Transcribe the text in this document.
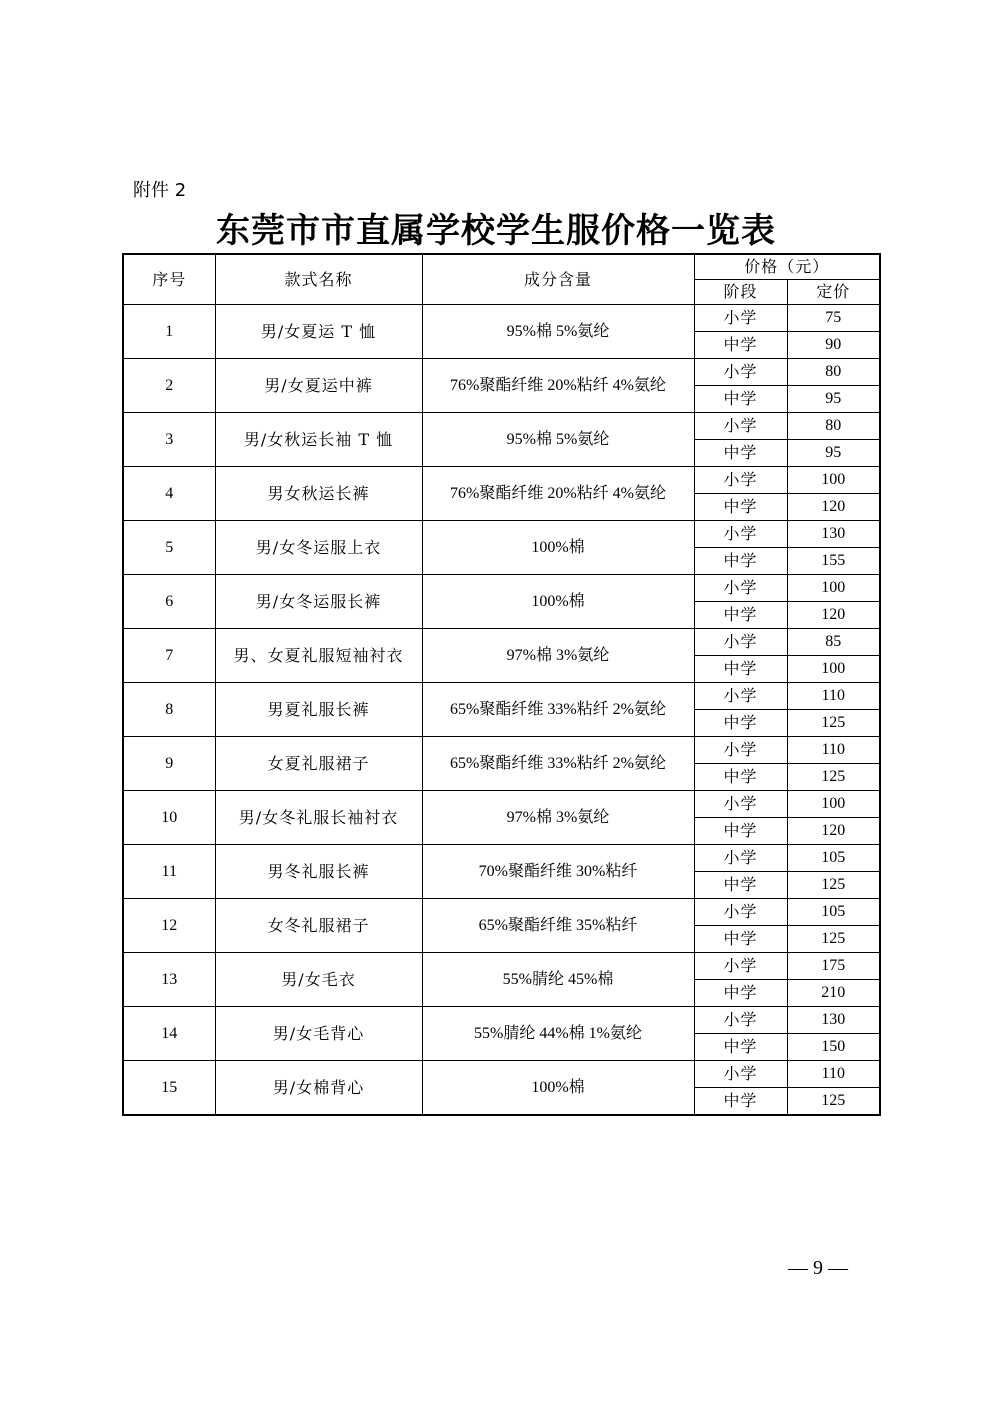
附件 2
东莞市市直属学校学生服价格一览表
序号	款式名称	成分含量	价格（元）	
			阶段	定价
1	男/女夏运 T 恤	95%棉 5%氨纶	小学	75
			中学	90
2	男/女夏运中裤	76%聚酯纤维 20%粘纤 4%氨纶	小学	80
			中学	95
3	男/女秋运长袖 T 恤	95%棉 5%氨纶	小学	80
			中学	95
4	男女秋运长裤	76%聚酯纤维 20%粘纤 4%氨纶	小学	100
			中学	120
5	男/女冬运服上衣	100%棉	小学	130
			中学	155
6	男/女冬运服长裤	100%棉	小学	100
			中学	120
7	男、女夏礼服短袖衬衣	97%棉 3%氨纶	小学	85
			中学	100
8	男夏礼服长裤	65%聚酯纤维 33%粘纤 2%氨纶	小学	110
			中学	125
9	女夏礼服裙子	65%聚酯纤维 33%粘纤 2%氨纶	小学	110
			中学	125
10	男/女冬礼服长袖衬衣	97%棉 3%氨纶	小学	100
			中学	120
11	男冬礼服长裤	70%聚酯纤维 30%粘纤	小学	105
			中学	125
12	女冬礼服裙子	65%聚酯纤维 35%粘纤	小学	105
			中学	125
13	男/女毛衣	55%腈纶 45%棉	小学	175
			中学	210
14	男/女毛背心	55%腈纶 44%棉 1%氨纶	小学	130
			中学	150
15	男/女棉背心	100%棉	小学	110
			中学	125
— 9 —
